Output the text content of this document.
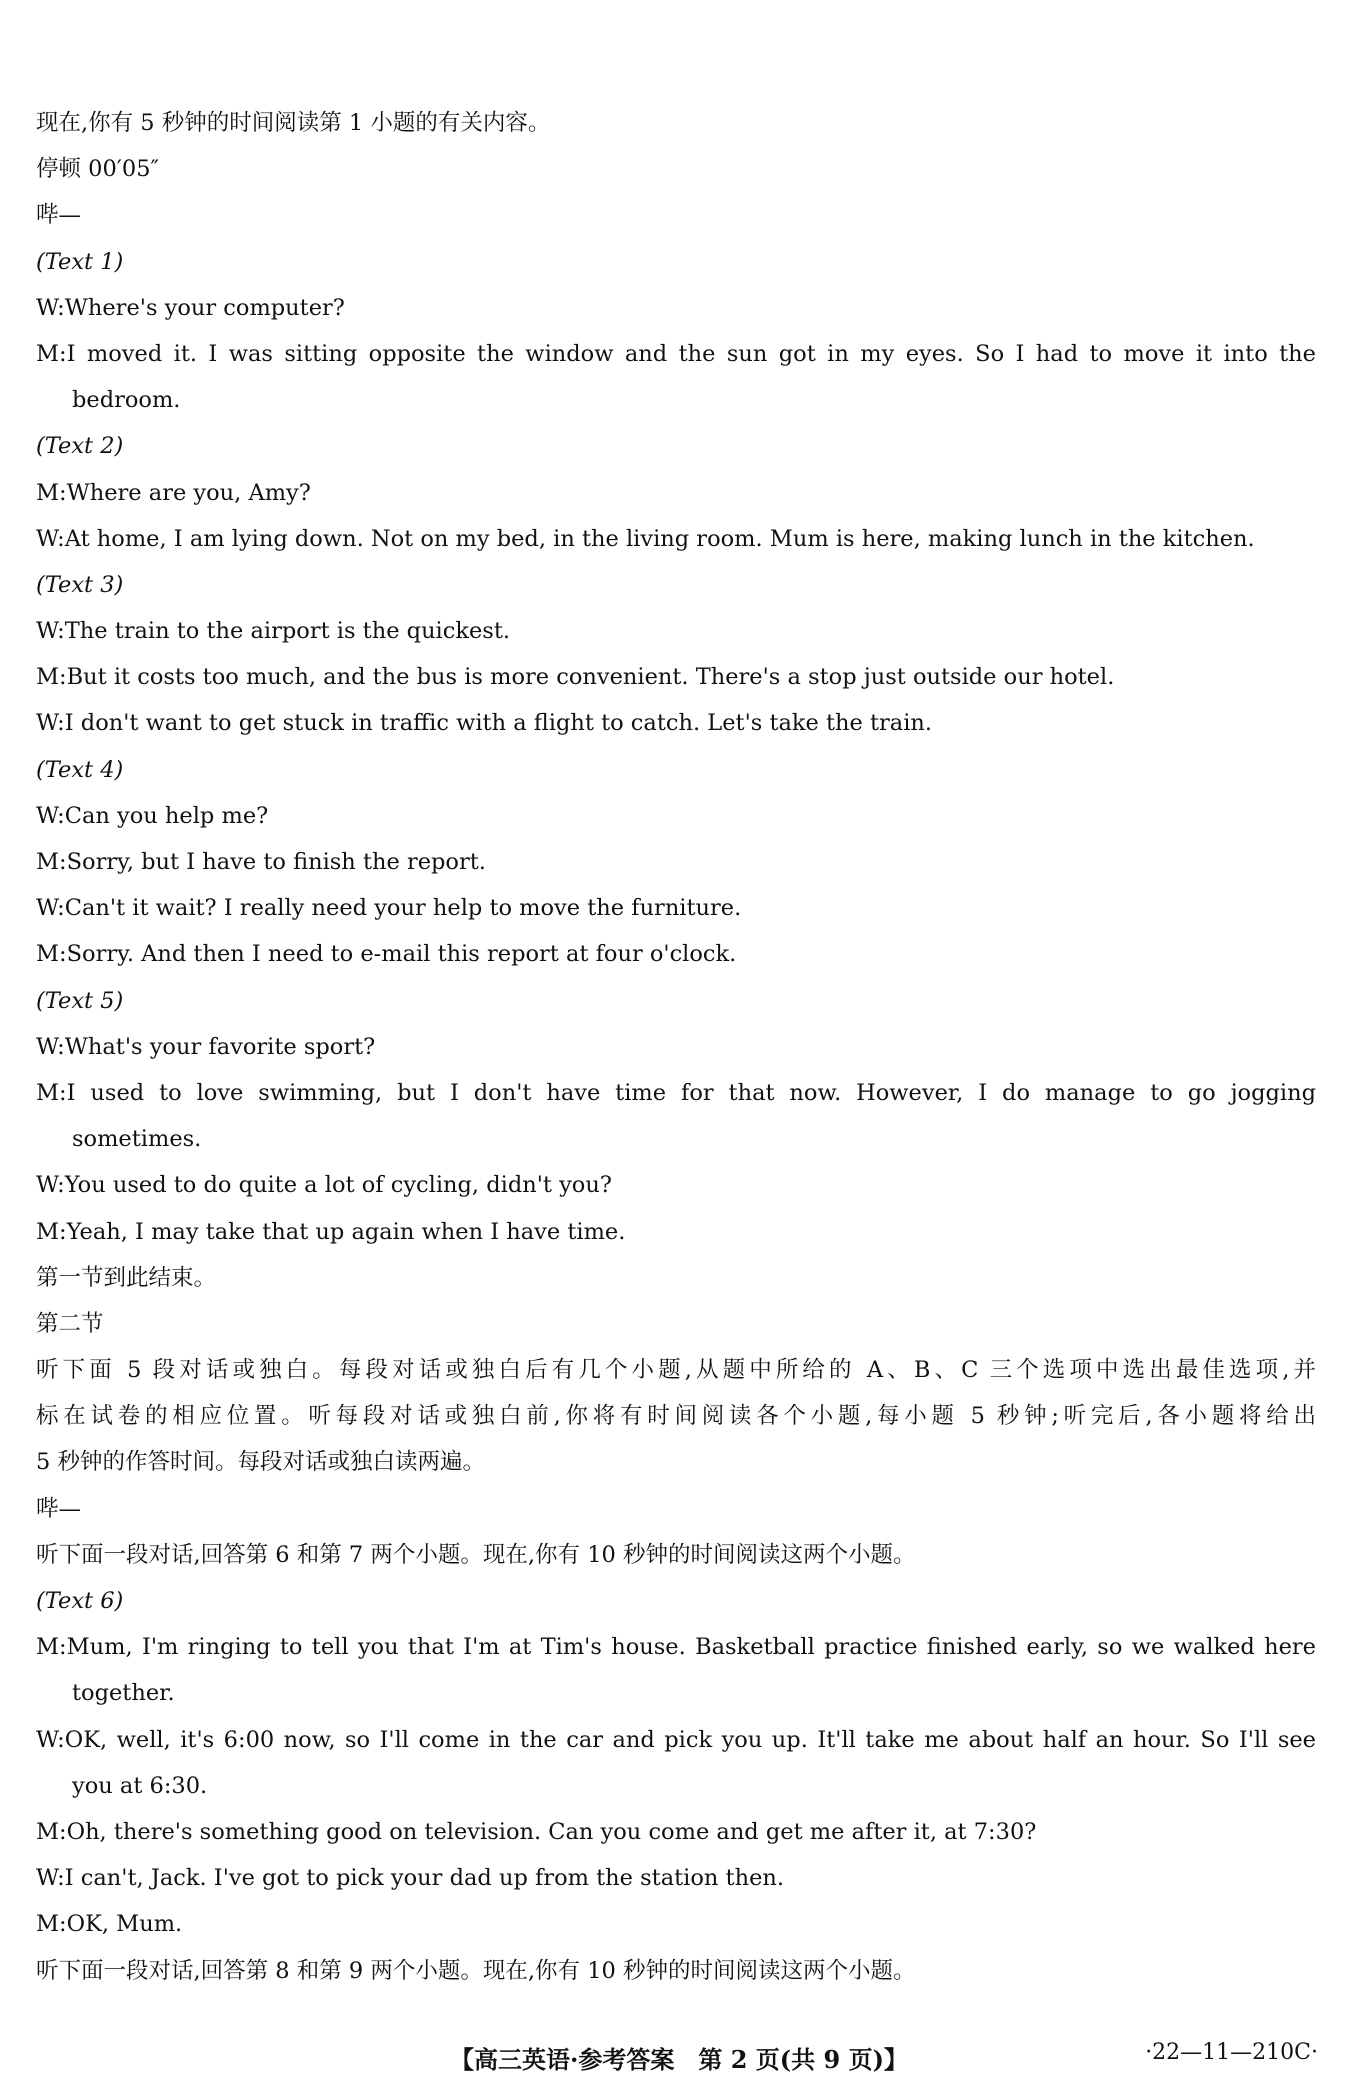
现在,你有 5 秒钟的时间阅读第 1 小题的有关内容。
停顿 00′05″
哔—
(Text 1)
W:Where's your computer?
M:I moved it. I was sitting opposite the window and the sun got in my eyes. So I had to move it into the
bedroom.
(Text 2)
M:Where are you, Amy?
W:At home, I am lying down. Not on my bed, in the living room. Mum is here, making lunch in the kitchen.
(Text 3)
W:The train to the airport is the quickest.
M:But it costs too much, and the bus is more convenient. There's a stop just outside our hotel.
W:I don't want to get stuck in traffic with a flight to catch. Let's take the train.
(Text 4)
W:Can you help me?
M:Sorry, but I have to finish the report.
W:Can't it wait? I really need your help to move the furniture.
M:Sorry. And then I need to e-mail this report at four o'clock.
(Text 5)
W:What's your favorite sport?
M:I used to love swimming, but I don't have time for that now. However, I do manage to go jogging
sometimes.
W:You used to do quite a lot of cycling, didn't you?
M:Yeah, I may take that up again when I have time.
第一节到此结束。
第二节
听下面 5 段对话或独白。每段对话或独白后有几个小题,从题中所给的 A、B、C 三个选项中选出最佳选项,并
标在试卷的相应位置。听每段对话或独白前,你将有时间阅读各个小题,每小题 5 秒钟;听完后,各小题将给出
5 秒钟的作答时间。每段对话或独白读两遍。
哔—
听下面一段对话,回答第 6 和第 7 两个小题。现在,你有 10 秒钟的时间阅读这两个小题。
(Text 6)
M:Mum, I'm ringing to tell you that I'm at Tim's house. Basketball practice finished early, so we walked here
together.
W:OK, well, it's 6:00 now, so I'll come in the car and pick you up. It'll take me about half an hour. So I'll see
you at 6:30.
M:Oh, there's something good on television. Can you come and get me after it, at 7:30?
W:I can't, Jack. I've got to pick your dad up from the station then.
M:OK, Mum.
听下面一段对话,回答第 8 和第 9 两个小题。现在,你有 10 秒钟的时间阅读这两个小题。
【高三英语·参考答案　第 2 页(共 9 页)】	·22—11—210C·
